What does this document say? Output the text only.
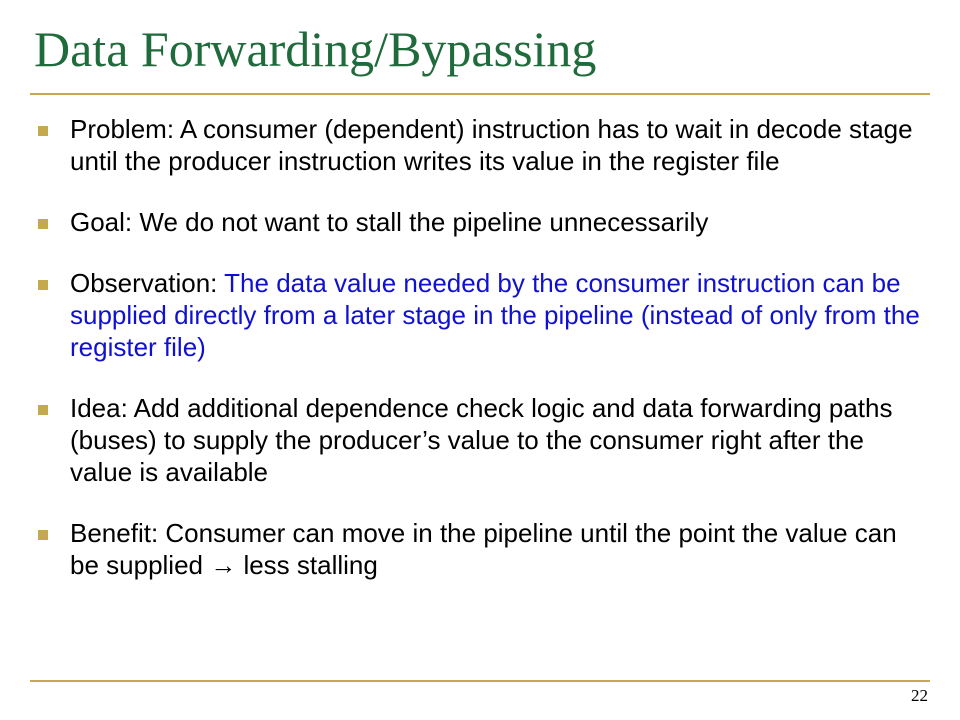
Data Forwarding/Bypassing
Problem: A consumer (dependent) instruction has to wait in decode stage until the producer instruction writes its value in the register file
Goal: We do not want to stall the pipeline unnecessarily
Observation: The data value needed by the consumer instruction can be supplied directly from a later stage in the pipeline (instead of only from the register file)
Idea: Add additional dependence check logic and data forwarding paths (buses) to supply the producer’s value to the consumer right after the value is available
Benefit: Consumer can move in the pipeline until the point the value can be supplied → less stalling
22
